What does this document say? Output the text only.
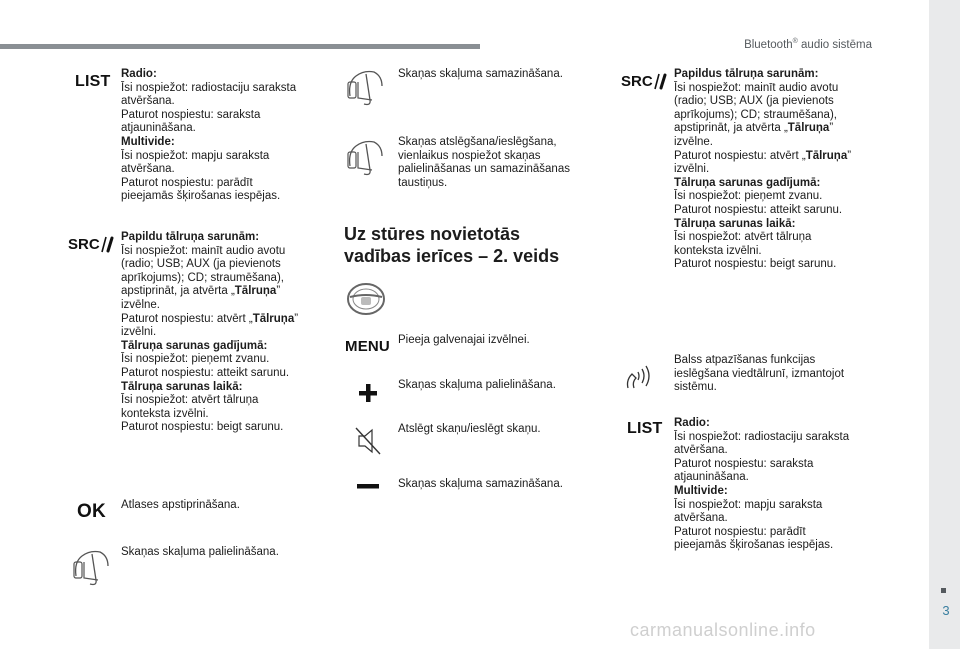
Bluetooth® audio sistēma
3
LIST Radio:
Īsi nospiežot: radiostaciju saraksta
atvēršana.
Paturot nospiestu: saraksta
atjaunināšana.
Multivide:
Īsi nospiežot: mapju saraksta
atvēršana.
Paturot nospiestu: parādīt
pieejamās šķirošanas iespējas.
SRC Papildu tālruņa sarunām:
Īsi nospiežot: mainīt audio avotu
(radio; USB; AUX (ja pievienots
aprīkojums); CD; straumēšana),
apstiprināt, ja atvērta „Tālruņa”
izvēlne.
Paturot nospiestu: atvērt „Tālruņa”
izvēlni.
Tālruņa sarunas gadījumā:
Īsi nospiežot: pieņemt zvanu.
Paturot nospiestu: atteikt sarunu.
Tālruņa sarunas laikā:
Īsi nospiežot: atvērt tālruņa
konteksta izvēlni.
Paturot nospiestu: beigt sarunu.
OK Atlases apstiprināšana.
Skaņas skaļuma palielināšana.
Skaņas skaļuma samazināšana.
Skaņas atslēgšana/ieslēgšana,
vienlaikus nospiežot skaņas
palielināšanas un samazināšanas
taustiņus.
Uz stūres novietotās
vadības ierīces – 2. veids
MENU Pieeja galvenajai izvēlnei.
Skaņas skaļuma palielināšana.
Atslēgt skaņu/ieslēgt skaņu.
Skaņas skaļuma samazināšana.
SRC Papildus tālruņa sarunām:
Īsi nospiežot: mainīt audio avotu
(radio; USB; AUX (ja pievienots
aprīkojums); CD; straumēšana),
apstiprināt, ja atvērta „Tālruņa”
izvēlne.
Paturot nospiestu: atvērt „Tālruņa”
izvēlni.
Tālruņa sarunas gadījumā:
Īsi nospiežot: pieņemt zvanu.
Paturot nospiestu: atteikt sarunu.
Tālruņa sarunas laikā:
Īsi nospiežot: atvērt tālruņa
konteksta izvēlni.
Paturot nospiestu: beigt sarunu.
Balss atpazīšanas funkcijas
ieslēgšana viedtālrunī, izmantojot
sistēmu.
LIST Radio:
Īsi nospiežot: radiostaciju saraksta
atvēršana.
Paturot nospiestu: saraksta
atjaunināšana.
Multivide:
Īsi nospiežot: mapju saraksta
atvēršana.
Paturot nospiestu: parādīt
pieejamās šķirošanas iespējas.
carmanualsonline.info
